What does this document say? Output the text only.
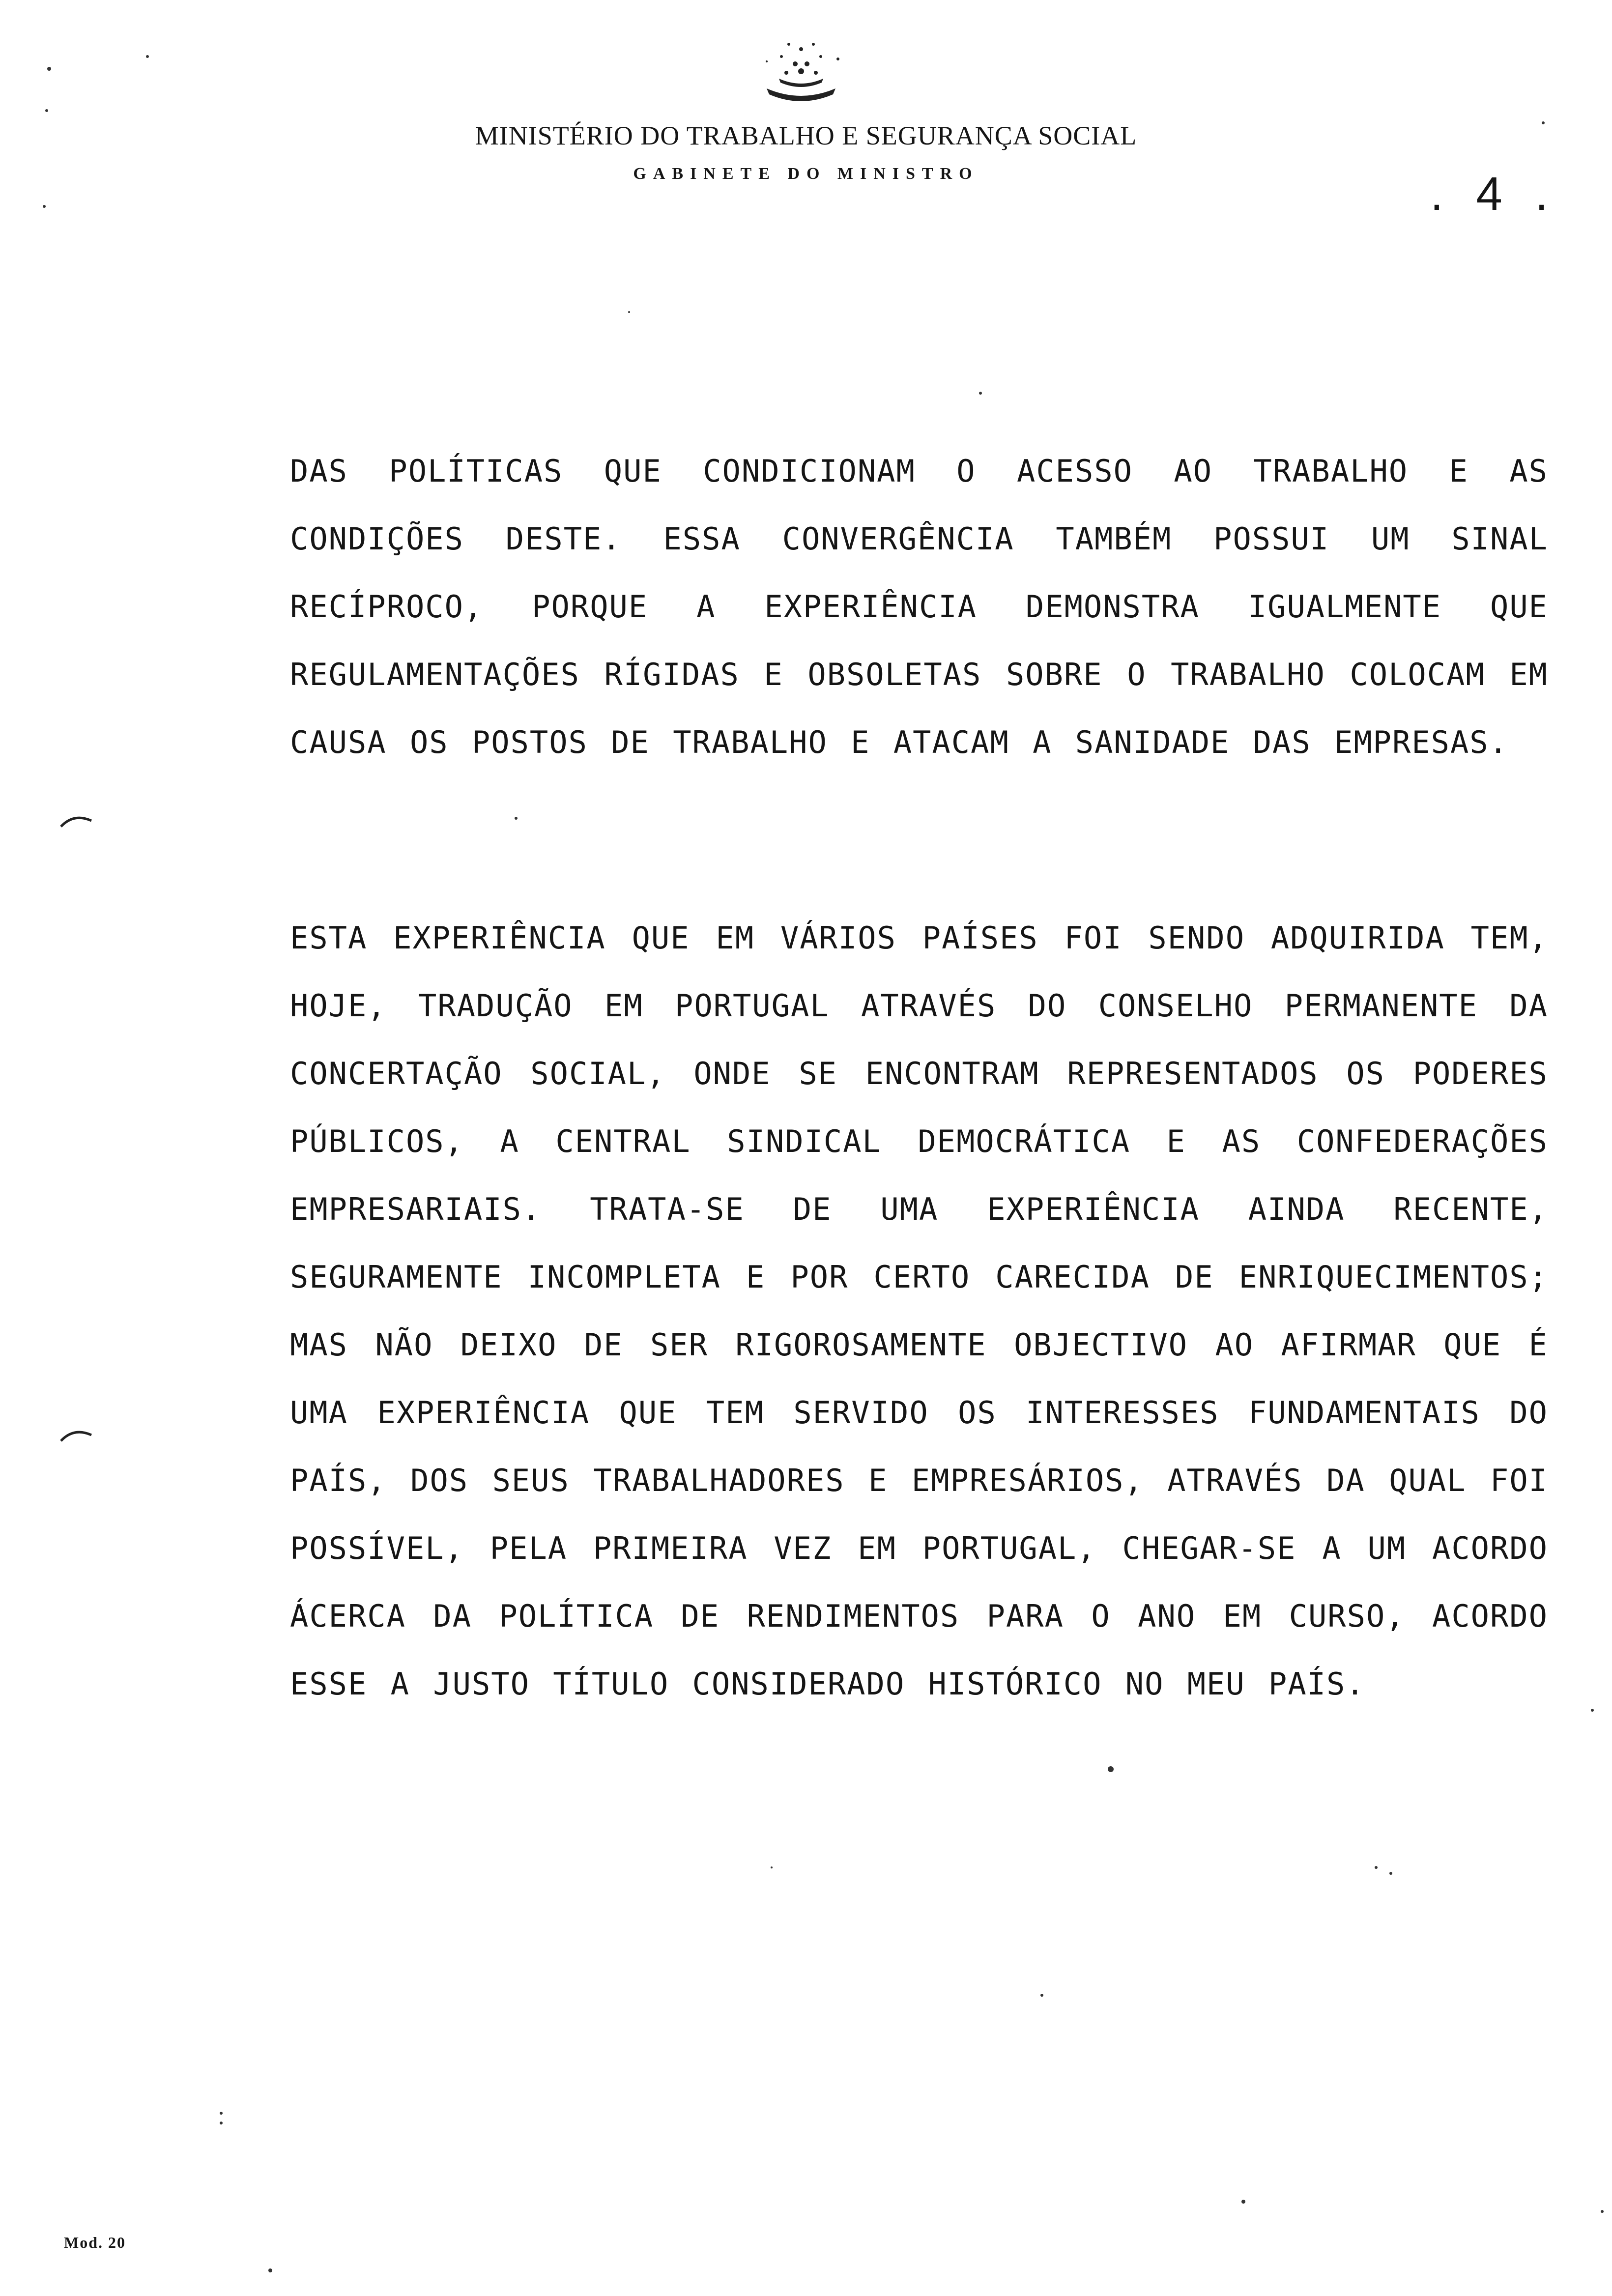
MINISTÉRIO DO TRABALHO E SEGURANÇA SOCIAL
GABINETE DO MINISTRO	. 4 .

DAS POLÍTICAS QUE CONDICIONAM O ACESSO AO TRABALHO E AS CONDIÇÕES DESTE. ESSA CONVERGÊNCIA TAMBÉM POSSUI UM SINAL RECÍPROCO, PORQUE A EXPERIÊNCIA DEMONSTRA IGUALMENTE QUE REGULAMENTAÇÕES RÍGIDAS E OBSOLETAS SOBRE O TRABALHO COLOCAM EM CAUSA OS POSTOS DE TRABALHO E ATACAM A SANIDADE DAS EMPRESAS.

ESTA EXPERIÊNCIA QUE EM VÁRIOS PAÍSES FOI SENDO ADQUIRIDA TEM, HOJE, TRADUÇÃO EM PORTUGAL ATRAVÉS DO CONSELHO PERMANENTE DA CONCERTAÇÃO SOCIAL, ONDE SE ENCONTRAM REPRESENTADOS OS PODERES PÚBLICOS, A CENTRAL SINDICAL DEMOCRÁTICA E AS CONFEDERAÇÕES EMPRESARIAIS. TRATA-SE DE UMA EXPERIÊNCIA AINDA RECENTE, SEGURAMENTE INCOMPLETA E POR CERTO CARECIDA DE ENRIQUECIMENTOS; MAS NÃO DEIXO DE SER RIGOROSAMENTE OBJECTIVO AO AFIRMAR QUE É UMA EXPERIÊNCIA QUE TEM SERVIDO OS INTERESSES FUNDAMENTAIS DO PAÍS, DOS SEUS TRABALHADORES E EMPRESÁRIOS, ATRAVÉS DA QUAL FOI POSSÍVEL, PELA PRIMEIRA VEZ EM PORTUGAL, CHEGAR-SE A UM ACORDO ÁCERCA DA POLÍTICA DE RENDIMENTOS PARA O ANO EM CURSO, ACORDO ESSE A JUSTO TÍTULO CONSIDERADO HISTÓRICO NO MEU PAÍS.

Mod. 20
